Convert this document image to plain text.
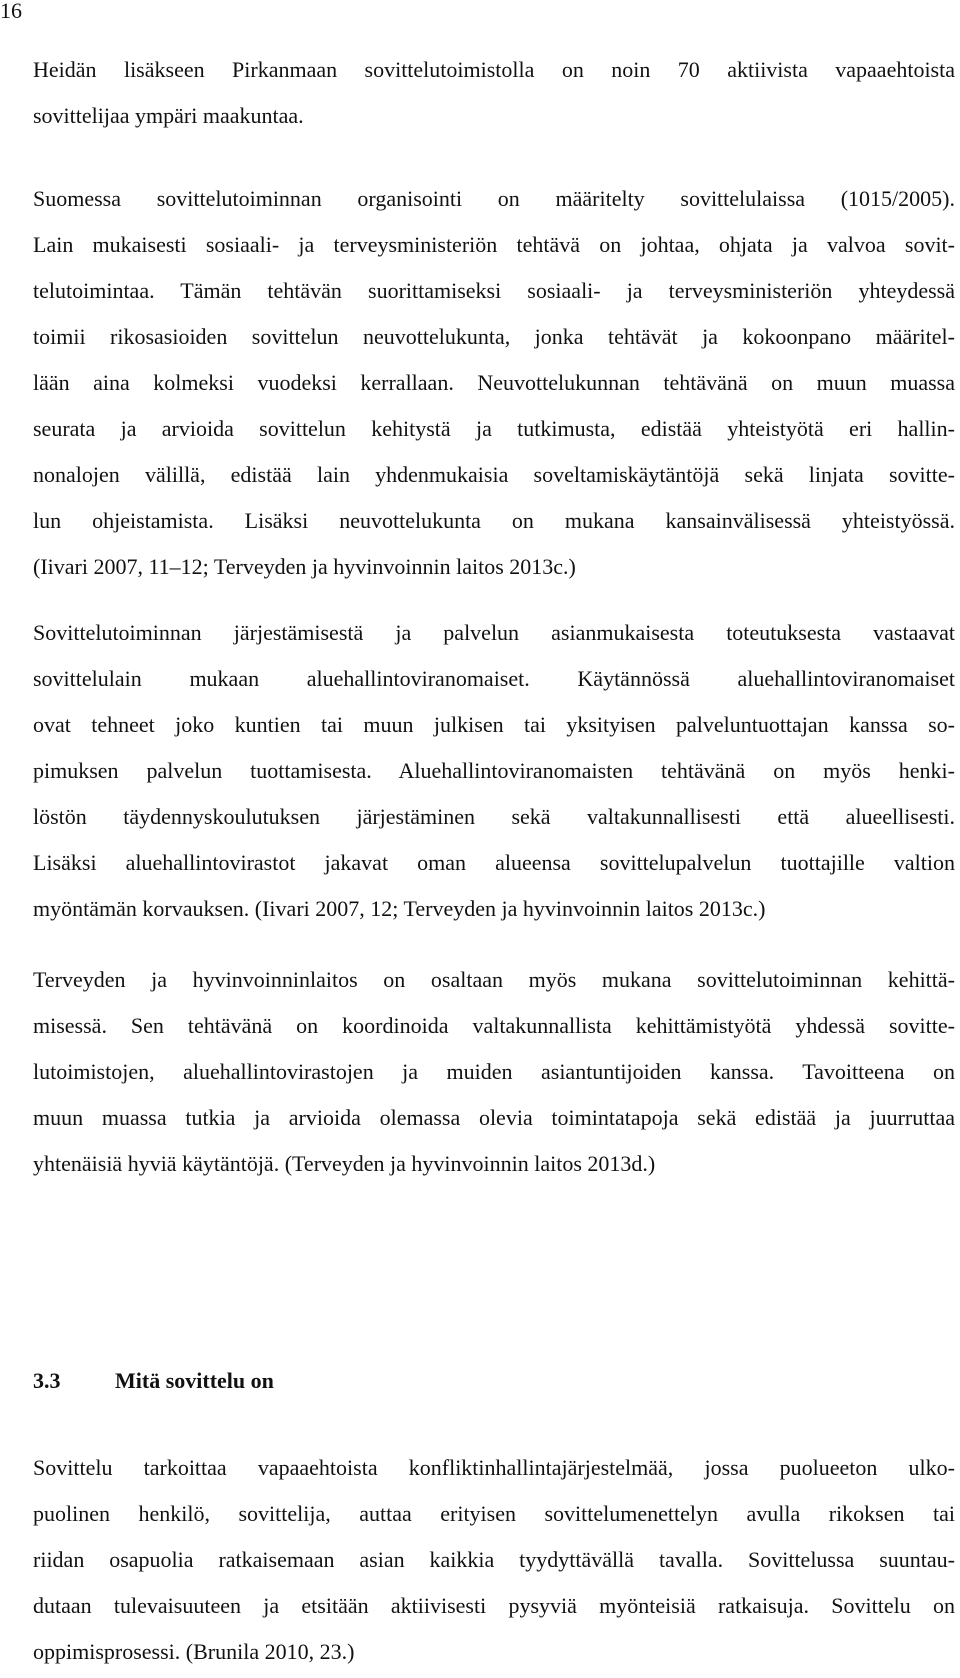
16
Heidän lisäkseen Pirkanmaan sovittelutoimistolla on noin 70 aktiivista vapaaehtoista
sovittelijaa ympäri maakuntaa.
Suomessa sovittelutoiminnan organisointi on määritelty sovittelulaissa (1015/2005).
Lain mukaisesti sosiaali- ja terveysministeriön tehtävä on johtaa, ohjata ja valvoa sovit-
telutoimintaa. Tämän tehtävän suorittamiseksi sosiaali- ja terveysministeriön yhteydessä
toimii rikosasioiden sovittelun neuvottelukunta, jonka tehtävät ja kokoonpano määritel-
lään aina kolmeksi vuodeksi kerrallaan. Neuvottelukunnan tehtävänä on muun muassa
seurata ja arvioida sovittelun kehitystä ja tutkimusta, edistää yhteistyötä eri hallin-
nonalojen välillä, edistää lain yhdenmukaisia soveltamiskäytäntöjä sekä linjata sovitte-
lun ohjeistamista. Lisäksi neuvottelukunta on mukana kansainvälisessä yhteistyössä.
(Iivari 2007, 11‒12; Terveyden ja hyvinvoinnin laitos 2013c.)
Sovittelutoiminnan järjestämisestä ja palvelun asianmukaisesta toteutuksesta vastaavat
sovittelulain mukaan aluehallintoviranomaiset. Käytännössä aluehallintoviranomaiset
ovat tehneet joko kuntien tai muun julkisen tai yksityisen palveluntuottajan kanssa so-
pimuksen palvelun tuottamisesta. Aluehallintoviranomaisten tehtävänä on myös henki-
löstön täydennyskoulutuksen järjestäminen sekä valtakunnallisesti että alueellisesti.
Lisäksi aluehallintovirastot jakavat oman alueensa sovittelupalvelun tuottajille valtion
myöntämän korvauksen. (Iivari 2007, 12; Terveyden ja hyvinvoinnin laitos 2013c.)
Terveyden ja hyvinvoinninlaitos on osaltaan myös mukana sovittelutoiminnan kehittä-
misessä. Sen tehtävänä on koordinoida valtakunnallista kehittämistyötä yhdessä sovitte-
lutoimistojen, aluehallintovirastojen ja muiden asiantuntijoiden kanssa. Tavoitteena on
muun muassa tutkia ja arvioida olemassa olevia toimintatapoja sekä edistää ja juurruttaa
yhtenäisiä hyviä käytäntöjä. (Terveyden ja hyvinvoinnin laitos 2013d.)
3.3 Mitä sovittelu on
Sovittelu tarkoittaa vapaaehtoista konfliktinhallintajärjestelmää, jossa puolueeton ulko-
puolinen henkilö, sovittelija, auttaa erityisen sovittelumenettelyn avulla rikoksen tai
riidan osapuolia ratkaisemaan asian kaikkia tyydyttävällä tavalla. Sovittelussa suuntau-
dutaan tulevaisuuteen ja etsitään aktiivisesti pysyviä myönteisiä ratkaisuja. Sovittelu on
oppimisprosessi. (Brunila 2010, 23.)
